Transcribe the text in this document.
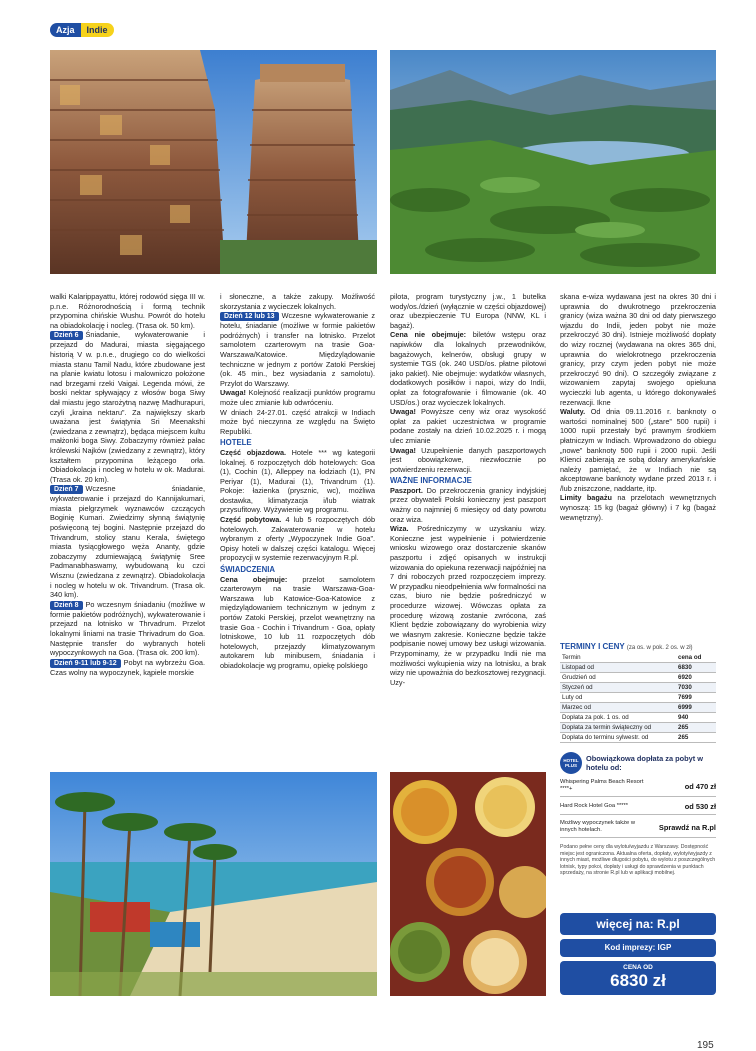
Azja	Indie

walki Kalarippayattu, której rodowód sięga III w. p.n.e. Różnorodnością i formą technik przypomina chińskie Wushu. Powrót do hotelu na obiadokolację i nocleg. (Trasa ok. 50 km).

Dzień 6 Śniadanie, wykwaterowanie i przejazd do Madurai, miasta sięgającego historią V w. p.n.e., drugiego co do wielkości miasta stanu Tamil Nadu, które zbudowane jest na planie kwiatu lotosu i malowniczo położone nad brzegami rzeki Vaigai. Legenda mówi, że boski nektar spływający z włosów boga Siwy dał miastu jego starożytną nazwę Madhurapuri, czyli „kraina nektaru”. Za największy skarb uważana jest świątynia Sri Meenakshi (zwiedzana z zewnątrz), będąca miejscem kultu małżonki boga Siwy. Zobaczymy również pałac królewski Najków (zwiedzany z zewnątrz), który kształtem przypomina leżącego orła. Obiadokolacja i nocleg w hotelu w ok. Madurai. (Trasa ok. 20 km).

Dzień 7 Wczesne śniadanie, wykwaterowanie i przejazd do Kannijakumari, miasta pielgrzymek wyznawców czczących Boginię Kumari. Zwiedzimy słynną świątynię poświęconą tej bogini. Następnie przejazd do Trivandrum, stolicy stanu Kerala, świętego miasta tysiącgłowego węża Ananty, gdzie zobaczymy zdumiewającą świątynię Sree Padmanabhaswamy, wybudowaną ku czci Wisznu (zwiedzana z zewnątrz). Obiadokolacja i nocleg w hotelu w ok. Trivandrum. (Trasa ok. 340 km).

Dzień 8 Po wczesnym śniadaniu (możliwe w formie pakietów podróżnych), wykwaterowanie i przejazd na lotnisko w Thrvadrum. Przelot lokalnymi liniami na trasie Thrivadrum do Goa. Następnie transfer do wybranych hoteli wypoczynkowych na Goa. (Trasa ok. 200 km).

Dzień 9-11 lub 9-12 Pobyt na wybrzeżu Goa. Czas wolny na wypoczynek, kąpiele morskie

i słoneczne, a także zakupy. Możliwość skorzystania z wycieczek lokalnych.

Dzień 12 lub 13 Wczesne wykwaterowanie z hotelu, śniadanie (możliwe w formie pakietów podróżnych) i transfer na lotnisko. Przelot samolotem czarterowym na trasie Goa- Warszawa/Katowice. Międzylądowanie techniczne w jednym z portów Zatoki Perskiej (ok. 45 min., bez wysiadania z samolotu). Przylot do Warszawy.

Uwaga! Kolejność realizacji punktów programu może ulec zmianie lub odwróceniu.

W dniach 24-27.01. część atrakcji w Indiach może być nieczynna ze względu na Święto Republiki.

HOTELE

Część objazdowa. Hotele *** wg kategorii lokalnej. 6 rozpoczętych dób hotelowych: Goa (1), Cochin (1), Alleppey na łodziach (1), PN Periyar (1), Madurai (1), Trivandrum (1). Pokoje: łazienka (prysznic, wc), możliwa dostawka, klimatyzacja i/lub wiatrak przysufitowy. Wyżywienie wg programu.

Część pobytowa. 4 lub 5 rozpoczętych dób hotelowych. Zakwaterowanie w hotelu wybranym z oferty „Wypoczynek Indie Goa”. Opisy hoteli w dalszej części katalogu. Więcej propozycji w systemie rezerwacyjnym R.pl.

ŚWIADCZENIA

Cena obejmuje: przelot samolotem czarterowym na trasie Warszawa-Goa-Warszawa lub Katowice-Goa-Katowice z międzylądowaniem technicznym w jednym z portów Zatoki Perskiej, przelot wewnętrzny na trasie Goa - Cochin i Trivandrum - Goa, opłaty lotniskowe, 10 lub 11 rozpoczętych dób hotelowych, przejazdy klimatyzowanym autokarem lub minibusem, śniadania i obiadokolacje wg programu, opiekę polskiego

pilota, program turystyczny j.w., 1 butelka wody/os./dzień (wyłącznie w części objazdowej) oraz ubezpieczenie TU Europa (NNW, KL i bagaż).

Cena nie obejmuje: biletów wstępu oraz napiwków dla lokalnych przewodników, bagażowych, kelnerów, obsługi grupy w systemie TGS (ok. 240 USD/os. płatne pilotowi jako pakiet). Nie obejmuje: wydatków własnych, dodatkowych posiłków i napoi, wizy do Indii, opłat za fotografowanie i filmowanie (ok. 40 USD/os.) oraz wycieczek lokalnych.

Uwaga! Powyższe ceny wiz oraz wysokość opłat za pakiet uczestnictwa w programie podane zostały na dzień 10.02.2025 r. i mogą ulec zmianie

Uwaga! Uzupełnienie danych paszportowych jest obowiązkowe, niezwłocznie po potwierdzeniu rezerwacji.

WAŻNE INFORMACJE

Paszport. Do przekroczenia granicy indyjskiej przez obywateli Polski konieczny jest paszport ważny co najmniej 6 miesięcy od daty powrotu oraz wiza.

Wiza. Pośredniczymy w uzyskaniu wizy. Konieczne jest wypełnienie i potwierdzenie wniosku wizowego oraz dostarczenie skanów paszportu i zdjęć opisanych w instrukcji wizowania do opiekuna rezerwacji najpóźniej na 7 dni roboczych przed rozpoczęciem imprezy. W przypadku nieodpełnienia w/w formalności na czas, biuro nie będzie pośredniczyć w procedurze wizowej. Wówczas opłata za procedurę wizową zostanie zwrócona, zaś Klient będzie zobowiązany do wyrobienia wizy we własnym zakresie. Konieczne będzie także podpisanie nowej umowy bez usługi wizowania. Przypominamy, że w przypadku Indii nie ma możliwości wykupienia wizy na lotnisku, a brak wizy nie upoważnia do bezkosztowej rezygnacji. Uzy-

skana e-wiza wydawana jest na okres 30 dni i uprawnia do dwukrotnego przekroczenia granicy (wiza ważna 30 dni od daty pierwszego wjazdu do Indii, jeden pobyt nie może przekroczyć 30 dni). Istnieje możliwość dopłaty do wizy rocznej (wydawana na okres 365 dni, uprawnia do wielokrotnego przekroczenia granicy, przy czym jeden pobyt nie może przekroczyć 90 dni). O szczegóły związane z wizowaniem zapytaj swojego opiekuna wycieczki lub agenta, u którego dokonywałeś rezerwacji. Ikne

Waluty. Od dnia 09.11.2016 r. banknoty o wartości nominalnej 500 („stare” 500 rupii) i 1000 rupii przestały być prawnym środkiem płatniczym w Indiach. Wprowadzono do obiegu „nowe” banknoty 500 rupii i 2000 rupii. Jeśli Klienci zabierają ze sobą dolary amerykańskie należy pamiętać, że w Indiach nie są akceptowane banknoty wydane przed 2013 r. i /lub zniszczone, naddarte, itp.

Limity bagażu na przelotach wewnętrznych wynoszą: 15 kg (bagaż główny) i 7 kg (bagaż wewnętrzny).

TERMINY I CENY (za os. w pok. 2 os. w zł)
Termin	cena od
Listopad od	6830
Grudzień od	6920
Styczeń od	7030
Luty od	7699
Marzec od	6999
Dopłata za pok. 1 os. od	940
Dopłata za termin świąteczny od	265
Dopłata do terminu sylwestr. od	265
HOTEL PLUS
Obowiązkowa dopłata za pobyt w hotelu od:
Whispering Palms Beach Resort ****+	od 470 zł
Hard Rock Hotel Goa *****	od 530 zł
Możliwy wypoczynek także w innych hotelach.	Sprawdź na R.pl

Podano pełne ceny dla wylotu/wyjazdu z Warszawy. Dostępność miejsc jest ograniczona. Aktualna oferta, dopłaty, wyloty/wyjazdy z innych miast, możliwe długości pobytu, do wylotu z poszczególnych lotnisk, typy pokoi, dopłaty i usługi do sprawdzenia w punktach sprzedaży, na stronie R.pl lub w aplikacji mobilnej.

więcej na: R.pl
Kod imprezy: IGP
CENA OD
6830 zł
195
